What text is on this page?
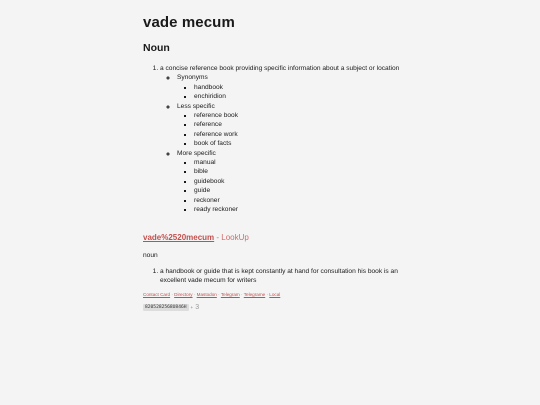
vade mecum
Noun
1. a concise reference book providing specific information about a subject or location
◦ Synonyms
▪ handbook
▪ enchiridion
◦ Less specific
▪ reference book
▪ reference
▪ reference work
▪ book of facts
◦ More specific
▪ manual
▪ bible
▪ guidebook
▪ guide
▪ reckoner
▪ ready reckoner
vade%2520mecum - LookUp
noun
1. a handbook or guide that is kept constantly at hand for consultation his book is an excellent vade mecum for writers
Contact Card · Directory · Mastodon · Telegram · Telegrame · Local
8205282568U846H + 3
